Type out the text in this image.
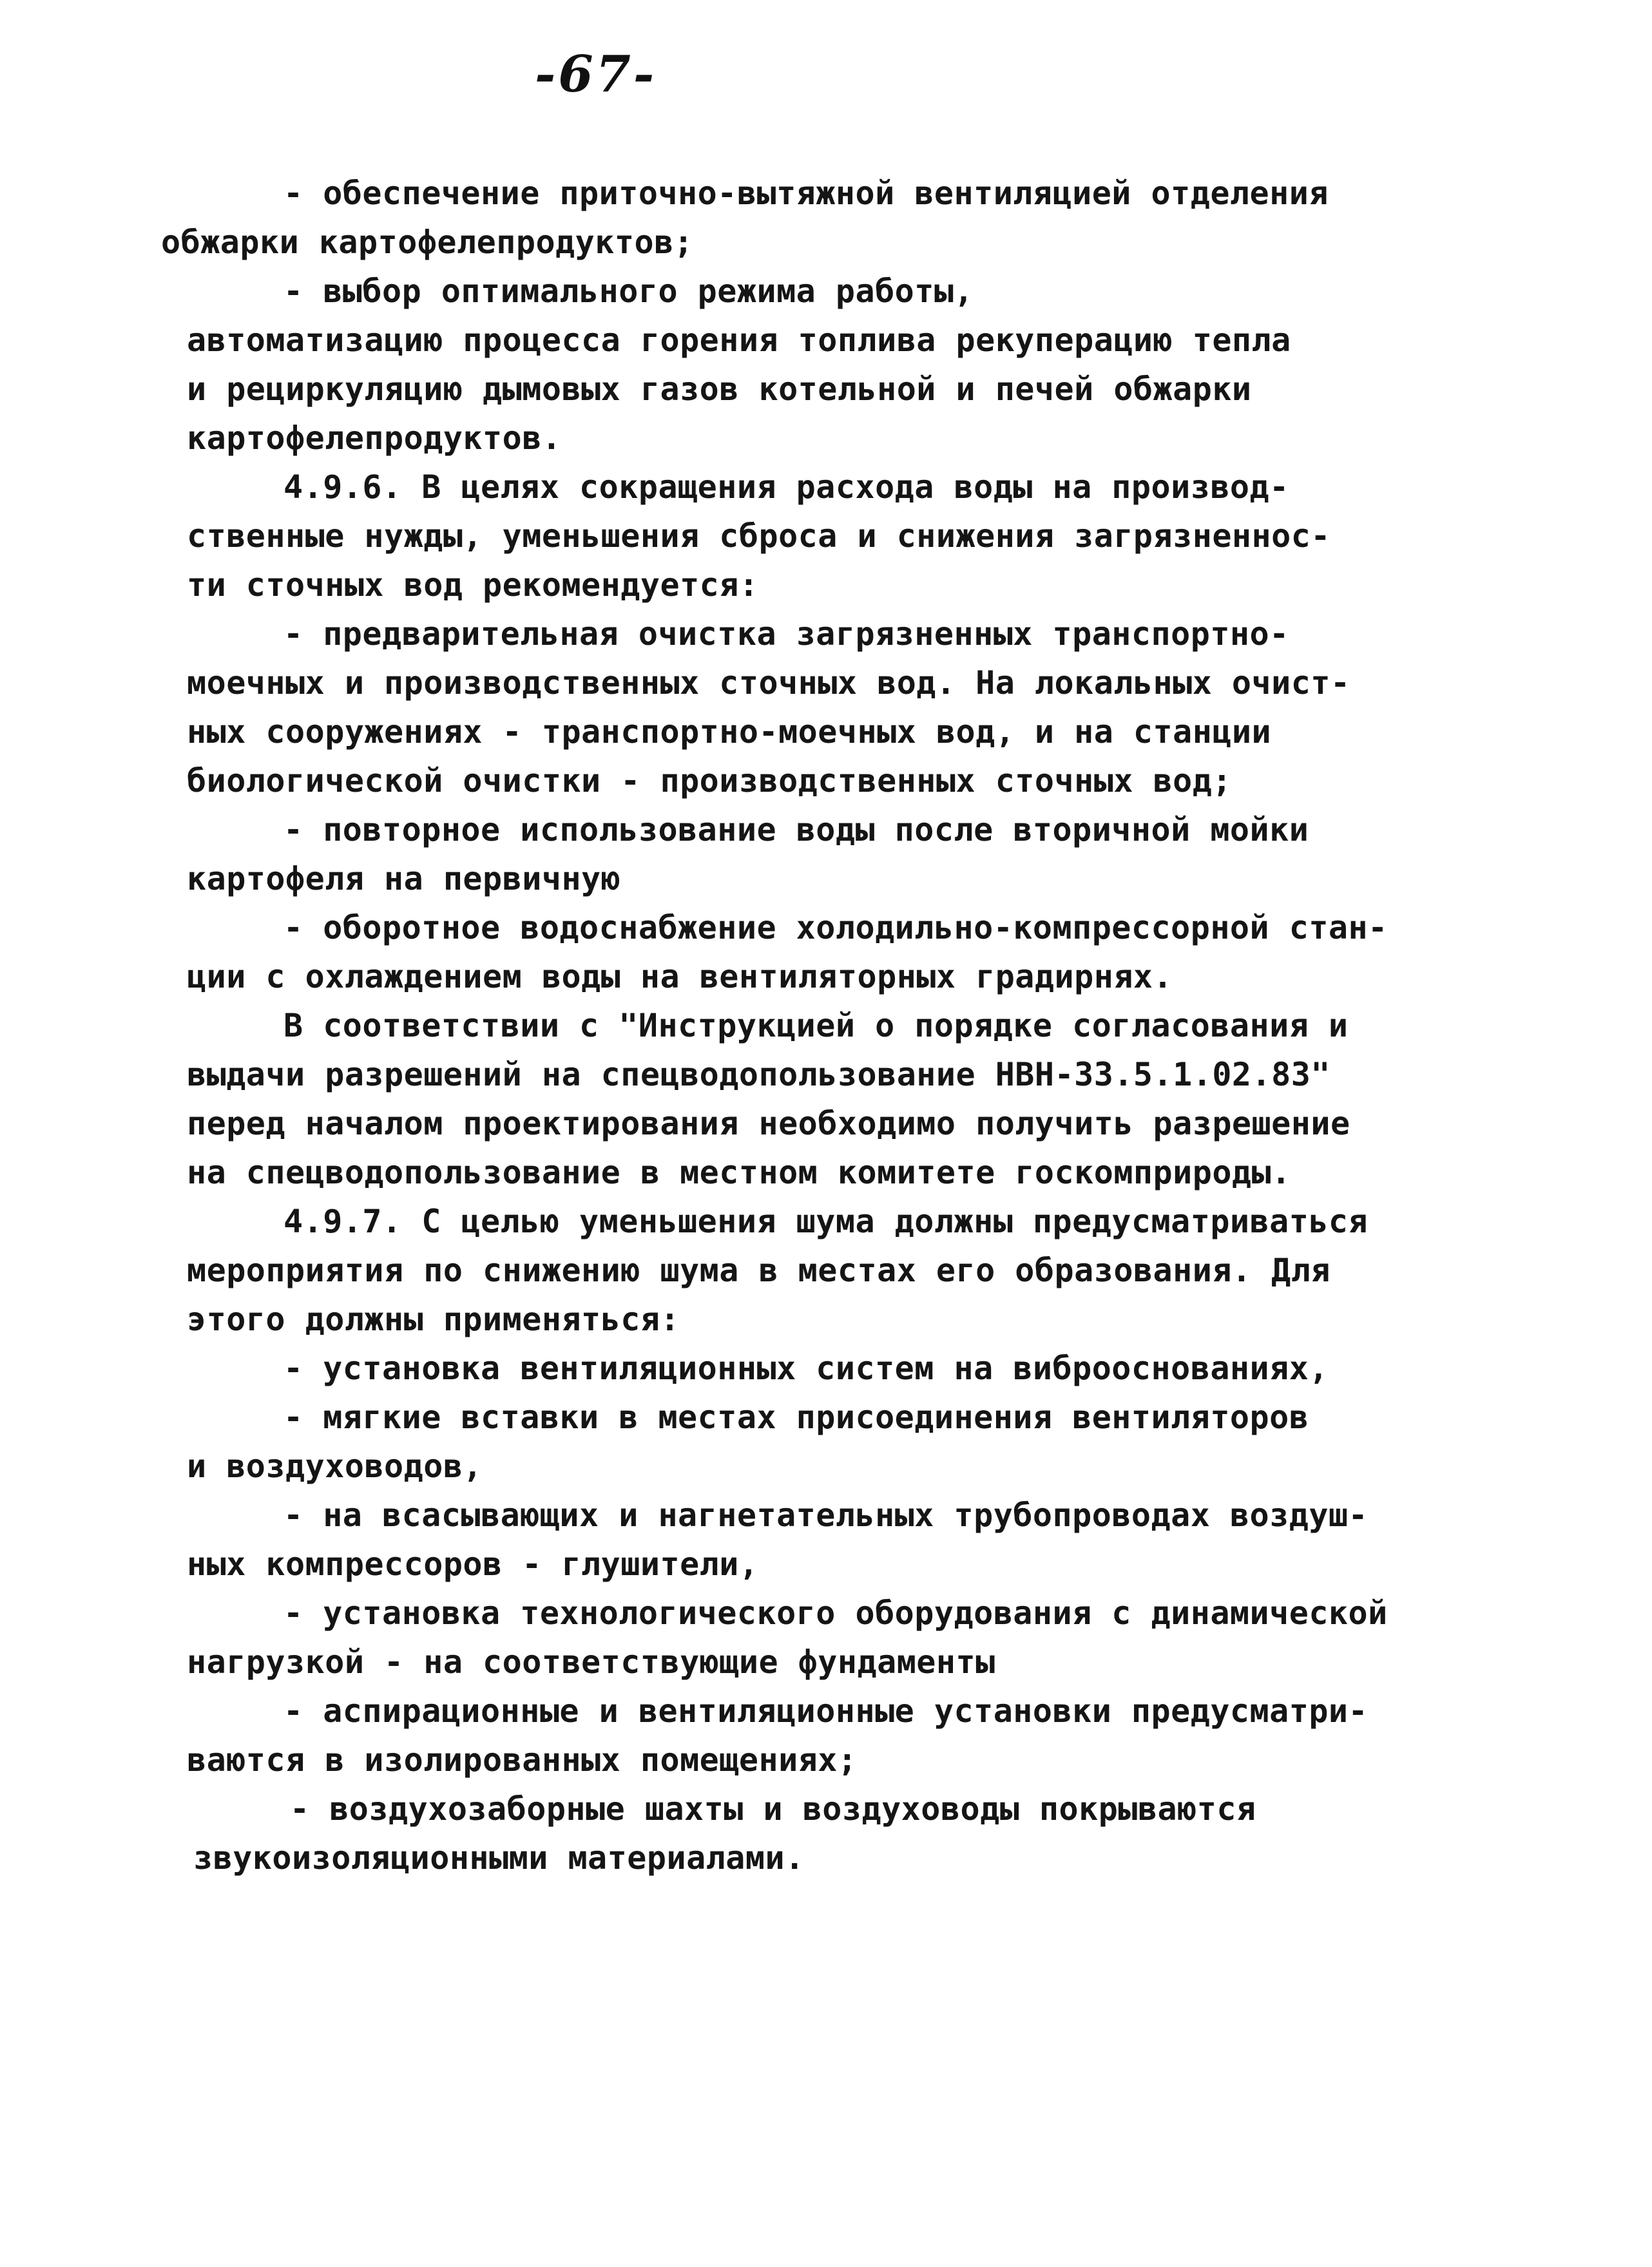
-67-
- обеспечение приточно-вытяжной вентиляцией отделения
обжарки картофелепродуктов;
- выбор оптимального режима работы,
автоматизацию процесса горения топлива рекуперацию тепла
и рециркуляцию дымовых газов котельной и печей обжарки
картофелепродуктов.
4.9.6. В целях сокращения расхода воды на производ-
ственные нужды, уменьшения сброса и снижения загрязненнос-
ти сточных вод рекомендуется:
- предварительная очистка загрязненных транспортно-
моечных и производственных сточных вод. На локальных очист-
ных сооружениях - транспортно-моечных вод, и на станции
биологической очистки - производственных сточных вод;
- повторное использование воды после вторичной мойки
картофеля на первичную
- оборотное водоснабжение холодильно-компрессорной стан-
ции с охлаждением воды на вентиляторных градирнях.
В соответствии с "Инструкцией о порядке согласования и
выдачи разрешений на спецводопользование НВН-33.5.1.02.83"
перед началом проектирования необходимо получить разрешение
на спецводопользование в местном комитете госкомприроды.
4.9.7. С целью уменьшения шума должны предусматриваться
мероприятия по снижению шума в местах его образования. Для
этого должны применяться:
- установка вентиляционных систем на виброоснованиях,
- мягкие вставки в местах присоединения вентиляторов
и воздуховодов,
- на всасывающих и нагнетательных трубопроводах воздуш-
ных компрессоров - глушители,
- установка технологического оборудования с динамической
нагрузкой - на соответствующие фундаменты
- аспирационные и вентиляционные установки предусматри-
ваются в изолированных помещениях;
- воздухозаборные шахты и воздуховоды покрываются
звукоизоляционными материалами.
